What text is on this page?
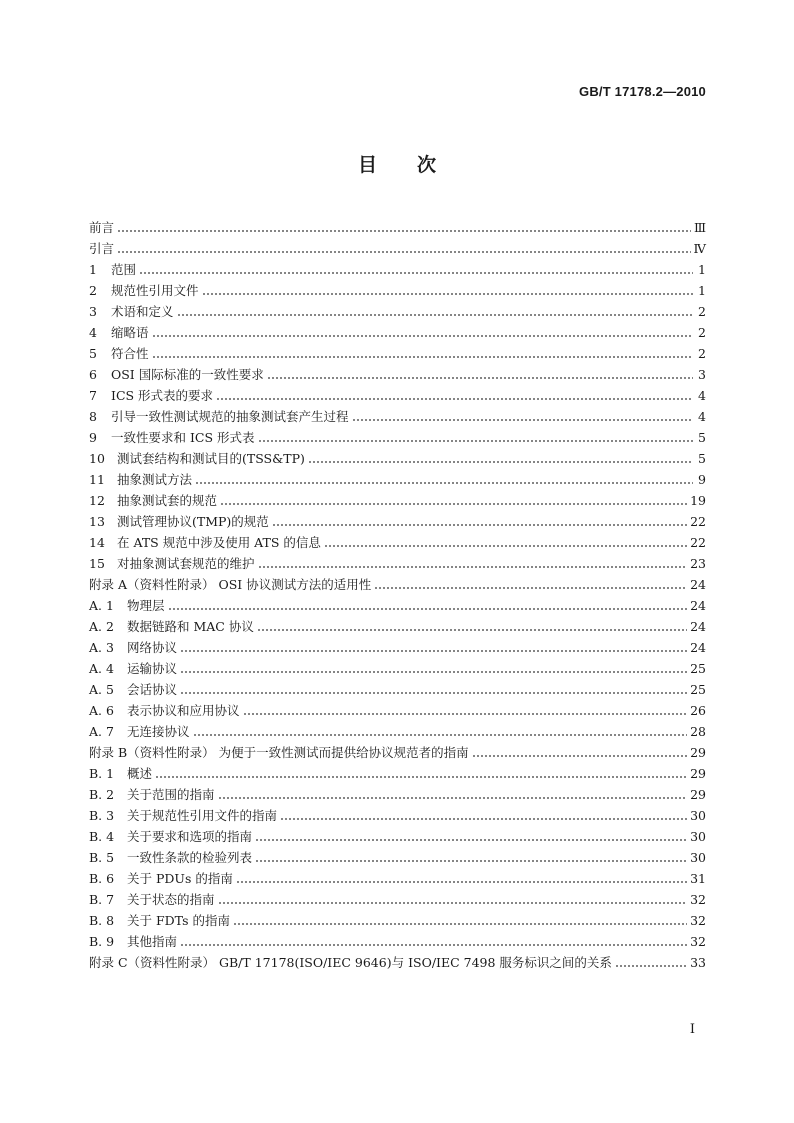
GB/T 17178.2—2010
目次
前言	Ⅲ
引言	Ⅳ
1	范围	1
2	规范性引用文件	1
3	术语和定义	2
4	缩略语	2
5	符合性	2
6	OSI 国际标准的一致性要求	3
7	ICS 形式表的要求	4
8	引导一致性测试规范的抽象测试套产生过程	4
9	一致性要求和 ICS 形式表	5
10 测试套结构和测试目的(TSS&TP)	5
11 抽象测试方法	9
12 抽象测试套的规范	19
13 测试管理协议(TMP)的规范	22
14 在 ATS 规范中涉及使用 ATS 的信息	22
15 对抽象测试套规范的维护	23
附录 A（资料性附录） OSI 协议测试方法的适用性	24
A. 1	物理层	24
A. 2	数据链路和 MAC 协议	24
A. 3	网络协议	24
A. 4	运输协议	25
A. 5	会话协议	25
A. 6	表示协议和应用协议	26
A. 7	无连接协议	28
附录 B（资料性附录） 为便于一致性测试而提供给协议规范者的指南	29
B. 1	概述	29
B. 2	关于范围的指南	29
B. 3	关于规范性引用文件的指南	30
B. 4	关于要求和选项的指南	30
B. 5	一致性条款的检验列表	30
B. 6	关于 PDUs 的指南	31
B. 7	关于状态的指南	32
B. 8	关于 FDTs 的指南	32
B. 9	其他指南	32
附录 C（资料性附录） GB/T 17178(ISO/IEC 9646)与 ISO/IEC 7498 服务标识之间的关系	33
Ⅰ
